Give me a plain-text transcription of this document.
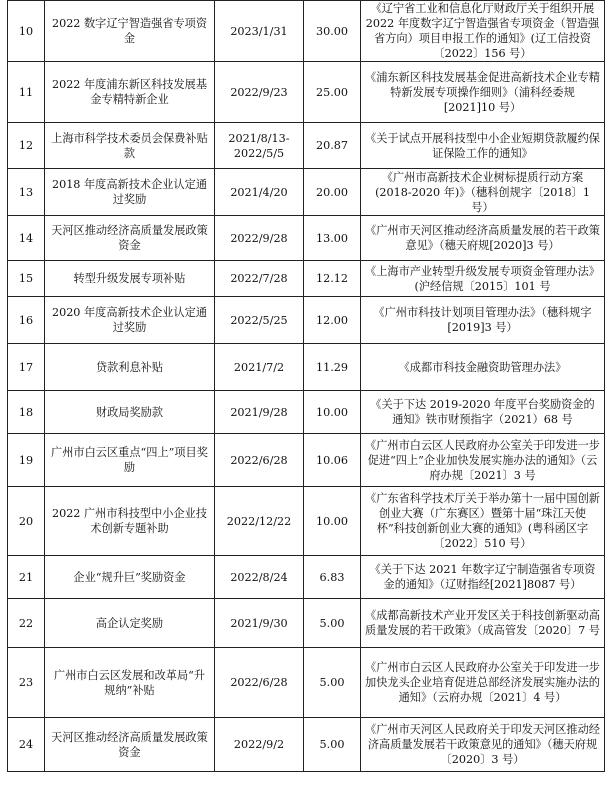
10	2022 数字辽宁智造强省专项资金	2023/1/31	30.00	《辽宁省工业和信息化厅财政厅关于组织开展 2022 年度数字辽宁智造强省专项资金（智造强省方向）项目申报工作的通知》(辽工信投资〔2022〕156 号）
11	2022 年度浦东新区科技发展基金专精特新企业	2022/9/23	25.00	《浦东新区科技发展基金促进高新技术企业专精特新发展专项操作细则》（浦科经委规[2021]10 号）
12	上海市科学技术委员会保费补贴款	2021/8/13-2022/5/5	20.87	《关于试点开展科技型中小企业短期贷款履约保证保险工作的通知》
13	2018 年度高新技术企业认定通过奖励	2021/4/20	20.00	《广州市高新技术企业树标提质行动方案(2018-2020 年)》（穗科创规字〔2018〕1 号）
14	天河区推动经济高质量发展政策资金	2022/9/28	13.00	《广州市天河区推动经济高质量发展的若干政策意见》（穗天府规[2020]3 号）
15	转型升级发展专项补贴	2022/7/28	12.12	《上海市产业转型升级发展专项资金管理办法》(沪经信规〔2015〕101 号
16	2020 年度高新技术企业认定通过奖励	2022/5/25	12.00	《广州市科技计划项目管理办法》（穗科规字[2019]3 号）
17	贷款利息补贴	2021/7/2	11.29	《成都市科技金融资助管理办法》
18	财政局奖励款	2021/9/28	10.00	《关于下达 2019-2020 年度平台奖励资金的通知》铁市财预指字（2021）68 号
19	广州市白云区重点“四上”项目奖励	2022/6/28	10.06	《广州市白云区人民政府办公室关于印发进一步促进“四上”企业加快发展实施办法的通知》（云府办规〔2021〕3 号
20	2022 广州市科技型中小企业技术创新专题补助	2022/12/22	10.00	《广东省科学技术厅关于举办第十一届中国创新创业大赛（广东赛区）暨第十届“珠江天使杯”科技创新创业大赛的通知》(粤科函区字〔2022〕510 号）
21	企业“规升巨”奖励资金	2022/8/24	6.83	《关于下达 2021 年数字辽宁制造强省专项资金的通知》（辽财指经[2021]8087 号）
22	高企认定奖励	2021/9/30	5.00	《成都高新技术产业开发区关于科技创新驱动高质量发展的若干政策》（成高管发〔2020〕7 号
23	广州市白云区发展和改革局“升规纳”补贴	2022/6/28	5.00	《广州市白云区人民政府办公室关于印发进一步加快龙头企业培育促进总部经济发展实施办法的通知》（云府办规〔2021〕4 号）
24	天河区推动经济高质量发展政策资金	2022/9/2	5.00	《广州市天河区人民政府关于印发天河区推动经济高质量发展若干政策意见的通知》（穗天府规〔2020〕3 号）
